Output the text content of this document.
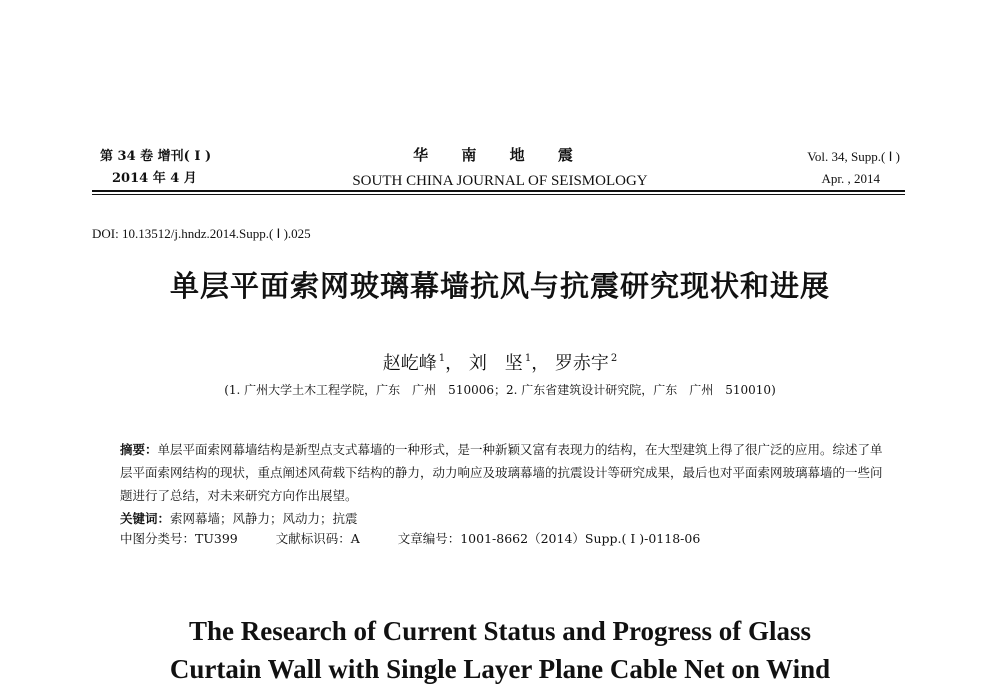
第 34 卷 增刊( Ⅰ )
2014 年 4 月
华 南 地 震
SOUTH CHINA JOURNAL OF SEISMOLOGY
Vol. 34, Supp.( Ⅰ )
Apr. , 2014
DOI: 10.13512/j.hndz.2014.Supp.( Ⅰ ).025
单层平面索网玻璃幕墙抗风与抗震研究现状和进展
赵屹峰 $^1$， 刘　坚 $^1$， 罗赤宇 $^2$
(1. 广州大学土木工程学院，广东　广州　510006；2. 广东省建筑设计研究院，广东　广州　510010)
摘要：单层平面索网幕墙结构是新型点支式幕墙的一种形式，是一种新颖又富有表现力的结构，在大型建筑上得了很广泛的应用。综述了单层平面索网结构的现状，重点阐述风荷载下结构的静力，动力响应及玻璃幕墙的抗震设计等研究成果，最后也对平面索网玻璃幕墙的一些问题进行了总结，对未来研究方向作出展望。
关键词：索网幕墙；风静力；风动力；抗震
中图分类号：TU399	文献标识码：A	文章编号：1001-8662（2014）Supp.( Ⅰ )-0118-06
The Research of Current Status and Progress of Glass
Curtain Wall with Single Layer Plane Cable Net on Wind
